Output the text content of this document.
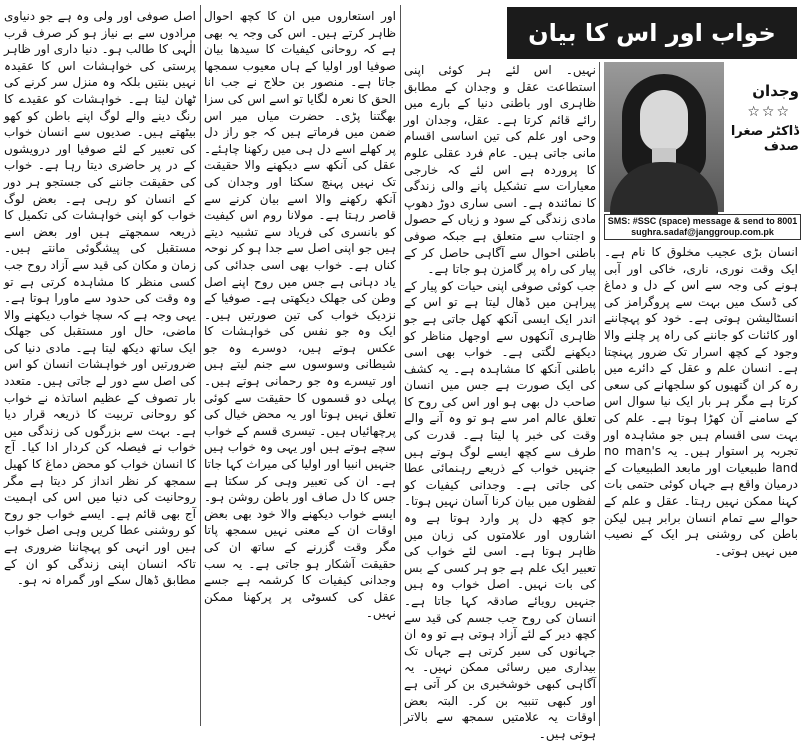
خواب اور اس کا بیان
وجدان
☆☆☆
ڈاکٹر صغرا صدف
SMS: #SSC (space) message & send to 8001
sughra.sadaf@janggroup.com.pk

انسان بڑی عجیب مخلوق کا نام ہے۔ ایک وقت نوری، ناری، خاکی اور آبی ہونے کی وجہ سے اس کے دل و دماغ کی ڈسک میں بہت سے پروگرامز کی انسٹالیشن ہوتی ہے۔ خود کو پہچاننے اور کائنات کو جاننے کی راہ پر چلنے والا وجود کے کچھ اسرار تک ضرور پہنچتا ہے۔ انسان علم و عقل کے دائرے میں رہ کر ان گتھیوں کو سلجھانے کی سعی کرتا ہے مگر ہر بار ایک نیا سوال اس کے سامنے آن کھڑا ہوتا ہے۔ علم کی بہت سی اقسام ہیں جو مشاہدہ اور تجربہ پر استوار ہیں۔ یہ no man's land طبیعیات اور مابعد الطبیعیات کے درمیان واقع ہے جہاں کوئی حتمی بات کہنا ممکن نہیں رہتا۔ عقل و علم کے حوالے سے تمام انسان برابر ہیں لیکن باطن کی روشنی ہر ایک کے نصیب میں نہیں ہوتی۔

نہیں۔ اس لئے ہر کوئی اپنی استطاعت عقل و وجدان کے مطابق ظاہری اور باطنی دنیا کے بارے میں رائے قائم کرتا ہے۔ عقل، وجدان اور وحی اور علم کی تین اساسی اقسام مانی جاتی ہیں۔ عام فرد عقلی علوم کا پروردہ ہے اس لئے کہ خارجی معیارات سے تشکیل پانے والی زندگی کا نمائندہ ہے۔ اسی ساری دوڑ دھوپ مادی زندگی کے سود و زیاں کے حصول و اجتناب سے متعلق ہے جبکہ صوفی باطنی احوال سے آگاہی حاصل کر کے پیار کی راہ پر گامزن ہو جاتا ہے۔

جب کوئی صوفی اپنی حیات کو پیار کے پیراہن میں ڈھال لیتا ہے تو اس کے اندر ایک ایسی آنکھ کھل جاتی ہے جو ظاہری آنکھوں سے اوجھل مناظر کو دیکھنے لگتی ہے۔ خواب بھی اسی باطنی آنکھ کا مشاہدہ ہے۔ یہ کشف کی ایک صورت ہے جس میں انسان صاحب دل بھی ہو اور اس کی روح کا تعلق عالم امر سے ہو تو وہ آنے والے وقت کی خبر پا لیتا ہے۔ قدرت کی طرف سے کچھ ایسے لوگ ہوتے ہیں جنہیں خواب کے ذریعے رہنمائی عطا کی جاتی ہے۔ وجدانی کیفیات کو لفظوں میں بیان کرنا آسان نہیں ہوتا۔ جو کچھ دل پر وارد ہوتا ہے وہ اشاروں اور علامتوں کی زبان میں ظاہر ہوتا ہے۔ اسی لئے خواب کی تعبیر ایک علم ہے جو ہر کسی کے بس کی بات نہیں۔ اصل خواب وہ ہیں جنہیں رویائے صادقہ کہا جاتا ہے۔ انسان کی روح جب جسم کی قید سے کچھ دیر کے لئے آزاد ہوتی ہے تو وہ ان جہانوں کی سیر کرتی ہے جہاں تک بیداری میں رسائی ممکن نہیں۔ یہ آگاہی کبھی خوشخبری بن کر آتی ہے اور کبھی تنبیہ بن کر۔ البتہ بعض اوقات یہ علامتیں سمجھ سے بالاتر ہوتی ہیں۔

اور استعاروں میں ان کا کچھ احوال ظاہر کرتے ہیں۔ اس کی وجہ یہ بھی ہے کہ روحانی کیفیات کا سیدھا بیان صوفیا اور اولیا کے ہاں معیوب سمجھا جاتا ہے۔ منصور بن حلاج نے جب انا الحق کا نعرہ لگایا تو اسے اس کی سزا بھگتنا پڑی۔ حضرت میاں میر اس ضمن میں فرماتے ہیں کہ جو راز دل پر کھلے اسے دل ہی میں رکھنا چاہئے۔ عقل کی آنکھ سے دیکھنے والا حقیقت تک نہیں پہنچ سکتا اور وجدان کی آنکھ رکھنے والا اسے بیان کرنے سے قاصر رہتا ہے۔ مولانا روم اس کیفیت کو بانسری کی فریاد سے تشبیہ دیتے ہیں جو اپنی اصل سے جدا ہو کر نوحہ کناں ہے۔ خواب بھی اسی جدائی کی یاد دہانی ہے جس میں روح اپنے اصل وطن کی جھلک دیکھتی ہے۔ صوفیا کے نزدیک خواب کی تین صورتیں ہیں۔ ایک وہ جو نفس کی خواہشات کا عکس ہوتے ہیں، دوسرے وہ جو شیطانی وسوسوں سے جنم لیتے ہیں اور تیسرے وہ جو رحمانی ہوتے ہیں۔ پہلی دو قسموں کا حقیقت سے کوئی تعلق نہیں ہوتا اور یہ محض خیال کی پرچھائیاں ہیں۔ تیسری قسم کے خواب سچے ہوتے ہیں اور یہی وہ خواب ہیں جنہیں انبیا اور اولیا کی میراث کہا جاتا ہے۔ ان کی تعبیر وہی کر سکتا ہے جس کا دل صاف اور باطن روشن ہو۔ ایسے خواب دیکھنے والا خود بھی بعض اوقات ان کے معنی نہیں سمجھ پاتا مگر وقت گزرنے کے ساتھ ان کی حقیقت آشکار ہو جاتی ہے۔ یہ سب وجدانی کیفیات کا کرشمہ ہے جسے عقل کی کسوٹی پر پرکھنا ممکن نہیں۔

اصل صوفی اور ولی وہ ہے جو دنیاوی مرادوں سے بے نیاز ہو کر صرف قرب الٰہی کا طالب ہو۔ دنیا داری اور ظاہر پرستی کی خواہشات اس کا عقیدہ نہیں بنتیں بلکہ وہ منزل سر کرنے کی ٹھان لیتا ہے۔ خواہشات کو عقیدے کا رنگ دینے والے لوگ اپنے باطن کو کھو بیٹھتے ہیں۔ صدیوں سے انسان خواب کی تعبیر کے لئے صوفیا اور درویشوں کے در پر حاضری دیتا رہا ہے۔ خواب کی حقیقت جاننے کی جستجو ہر دور کے انسان کو رہی ہے۔ بعض لوگ خواب کو اپنی خواہشات کی تکمیل کا ذریعہ سمجھتے ہیں اور بعض اسے مستقبل کی پیشگوئی مانتے ہیں۔ زمان و مکان کی قید سے آزاد روح جب کسی منظر کا مشاہدہ کرتی ہے تو وہ وقت کی حدود سے ماورا ہوتا ہے۔ یہی وجہ ہے کہ سچا خواب دیکھنے والا ماضی، حال اور مستقبل کی جھلک ایک ساتھ دیکھ لیتا ہے۔ مادی دنیا کی ضرورتیں اور خواہشات انسان کو اس کی اصل سے دور لے جاتی ہیں۔ متعدد بار تصوف کے عظیم اساتذہ نے خواب کو روحانی تربیت کا ذریعہ قرار دیا ہے۔ بہت سے بزرگوں کی زندگی میں خواب نے فیصلہ کن کردار ادا کیا۔ آج کا انسان خواب کو محض دماغ کا کھیل سمجھ کر نظر انداز کر دیتا ہے مگر روحانیت کی دنیا میں اس کی اہمیت آج بھی قائم ہے۔ ایسے خواب جو روح کو روشنی عطا کریں وہی اصل خواب ہیں اور انہی کو پہچاننا ضروری ہے تاکہ انسان اپنی زندگی کو ان کے مطابق ڈھال سکے اور گمراہ نہ ہو۔
